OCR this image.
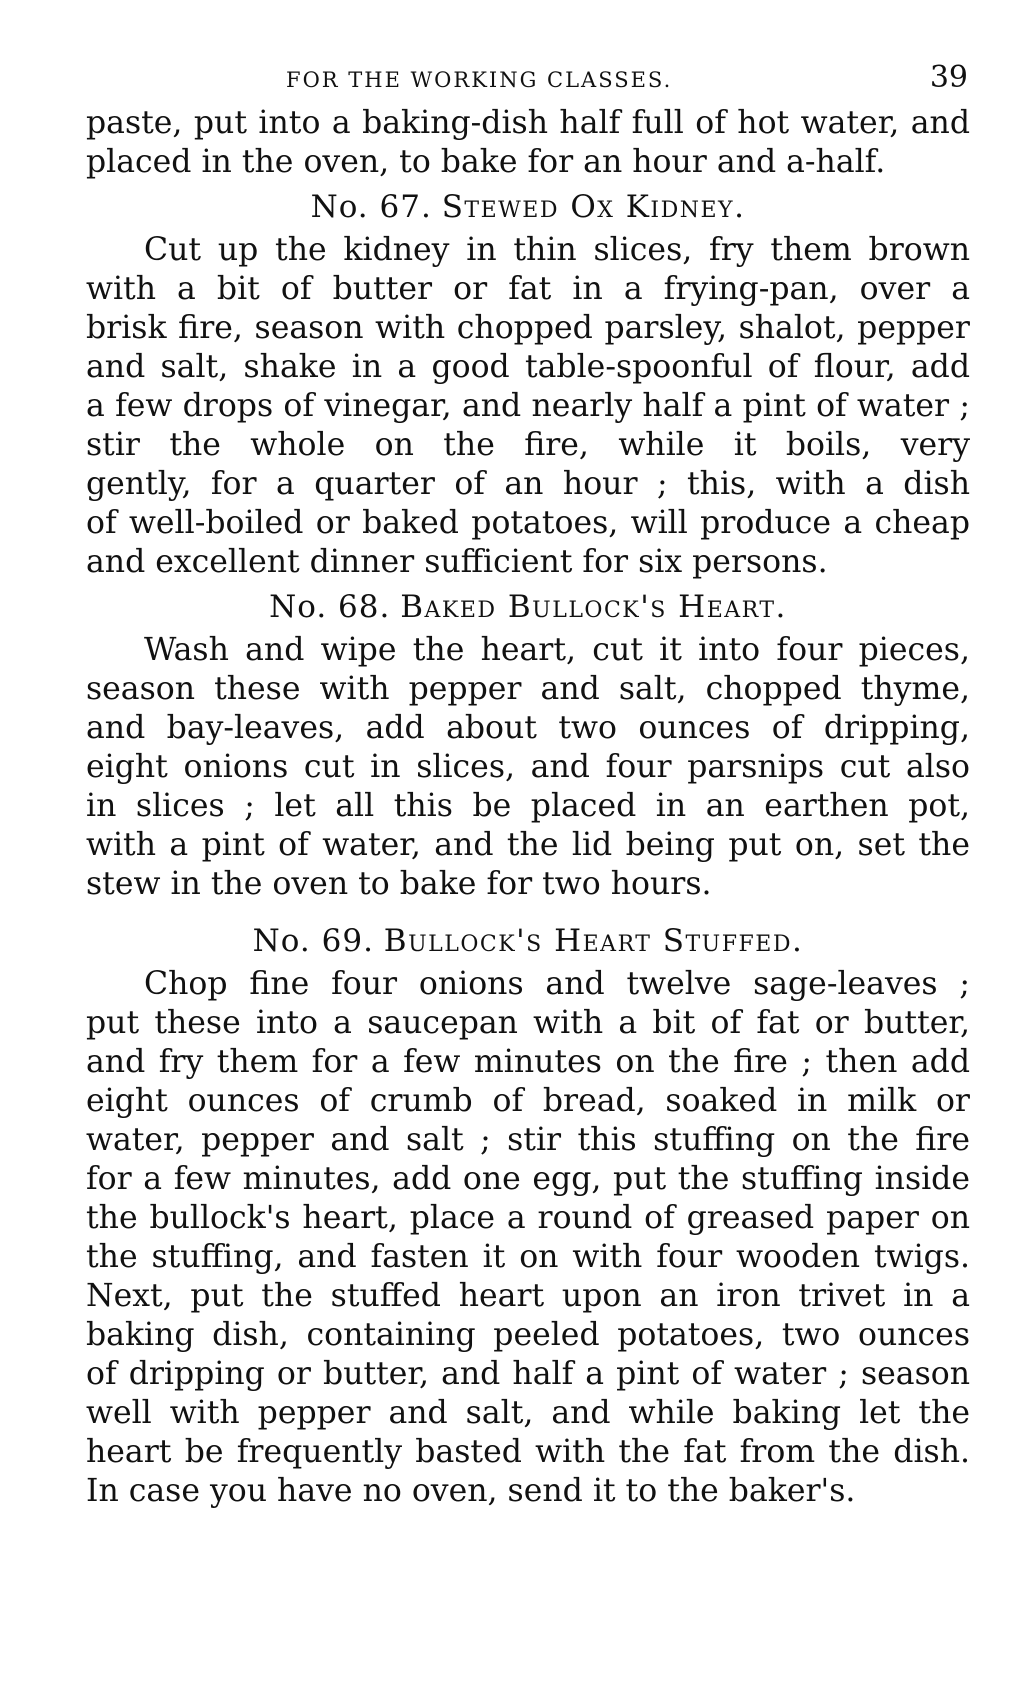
FOR THE WORKING CLASSES.	39

paste, put into a baking-dish half full of hot water, and
placed in the oven, to bake for an hour and a-half.

No. 67. Stewed Ox Kidney.

Cut up the kidney in thin slices, fry them brown
with a bit of butter or fat in a frying-pan, over a
brisk fire, season with chopped parsley, shalot, pepper
and salt, shake in a good table-spoonful of flour, add
a few drops of vinegar, and nearly half a pint of water ;
stir the whole on the fire, while it boils, very
gently, for a quarter of an hour ; this, with a dish
of well-boiled or baked potatoes, will produce a cheap
and excellent dinner sufficient for six persons.

No. 68. Baked Bullock's Heart.

Wash and wipe the heart, cut it into four pieces,
season these with pepper and salt, chopped thyme,
and bay-leaves, add about two ounces of dripping,
eight onions cut in slices, and four parsnips cut also
in slices ; let all this be placed in an earthen pot,
with a pint of water, and the lid being put on, set the
stew in the oven to bake for two hours.

No. 69. Bullock's Heart Stuffed.

Chop fine four onions and twelve sage-leaves ;
put these into a saucepan with a bit of fat or butter,
and fry them for a few minutes on the fire ; then add
eight ounces of crumb of bread, soaked in milk or
water, pepper and salt ; stir this stuffing on the fire
for a few minutes, add one egg, put the stuffing inside
the bullock's heart, place a round of greased paper on
the stuffing, and fasten it on with four wooden twigs.
Next, put the stuffed heart upon an iron trivet in a
baking dish, containing peeled potatoes, two ounces
of dripping or butter, and half a pint of water ; season
well with pepper and salt, and while baking let the
heart be frequently basted with the fat from the dish.
In case you have no oven, send it to the baker's.
